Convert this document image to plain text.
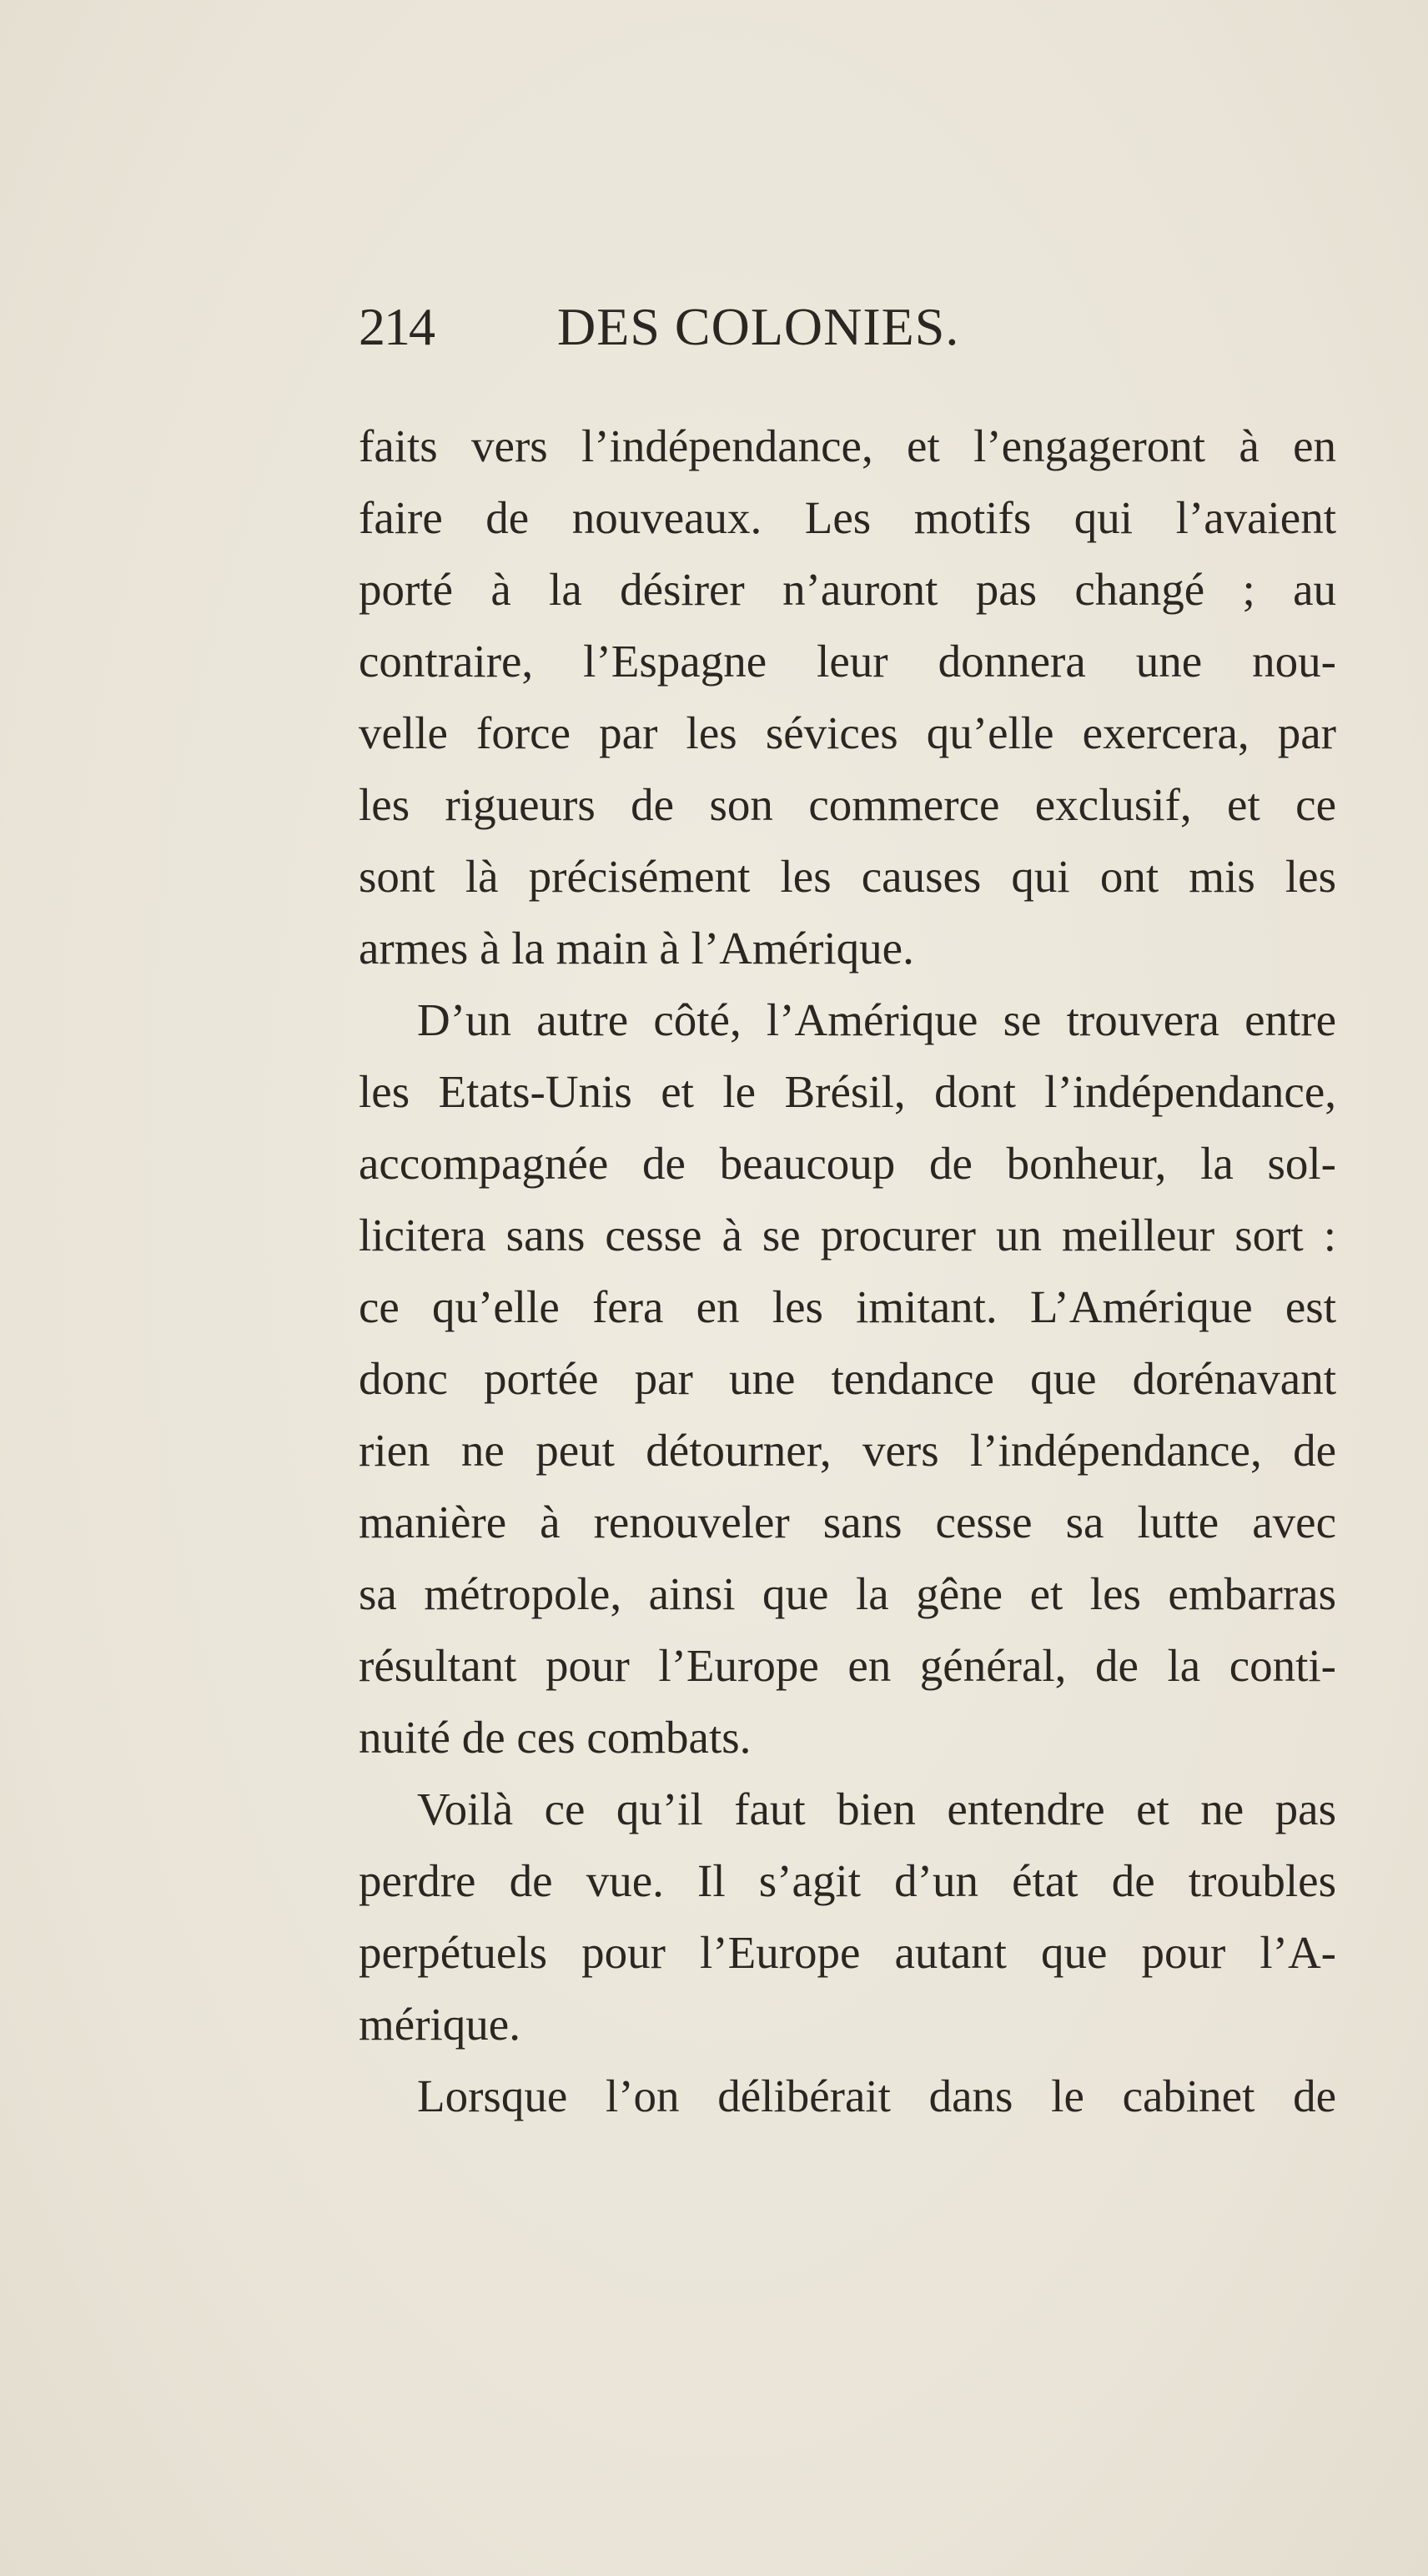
214 DES COLONIES.
faits vers l’indépendance, et l’engageront à en
faire de nouveaux. Les motifs qui l’avaient
porté à la désirer n’auront pas changé ; au
contraire, l’Espagne leur donnera une nou-
velle force par les sévices qu’elle exercera, par
les rigueurs de son commerce exclusif, et ce
sont là précisément les causes qui ont mis les
armes à la main à l’Amérique.
D’un autre côté, l’Amérique se trouvera entre
les Etats-Unis et le Brésil, dont l’indépendance,
accompagnée de beaucoup de bonheur, la sol-
licitera sans cesse à se procurer un meilleur sort :
ce qu’elle fera en les imitant. L’Amérique est
donc portée par une tendance que dorénavant
rien ne peut détourner, vers l’indépendance, de
manière à renouveler sans cesse sa lutte avec
sa métropole, ainsi que la gêne et les embarras
résultant pour l’Europe en général, de la conti-
nuité de ces combats.
Voilà ce qu’il faut bien entendre et ne pas
perdre de vue. Il s’agit d’un état de troubles
perpétuels pour l’Europe autant que pour l’A-
mérique.
Lorsque l’on délibérait dans le cabinet de
